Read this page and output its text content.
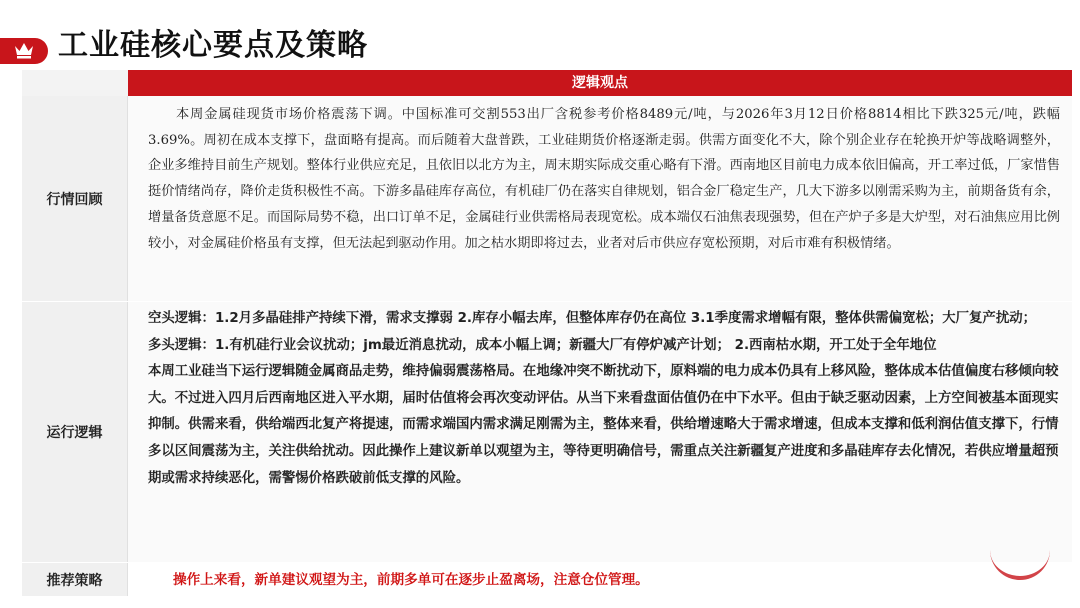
工业硅核心要点及策略
逻辑观点
行情回顾
本周金属硅现货市场价格震荡下调。中国标准可交割553出厂含税参考价格8489元/吨，与2026年3月12日价格8814相比下跌325元/吨，跌幅3.69%。周初在成本支撑下，盘面略有提高。而后随着大盘普跌，工业硅期货价格逐渐走弱。供需方面变化不大，除个别企业存在轮换开炉等战略调整外，企业多维持目前生产规划。整体行业供应充足，且依旧以北方为主，周末期实际成交重心略有下滑。西南地区目前电力成本依旧偏高，开工率过低，厂家惜售挺价情绪尚存，降价走货积极性不高。下游多晶硅库存高位，有机硅厂仍在落实自律规划，铝合金厂稳定生产，几大下游多以刚需采购为主，前期备货有余，增量备货意愿不足。而国际局势不稳，出口订单不足，金属硅行业供需格局表现宽松。成本端仅石油焦表现强势，但在产炉子多是大炉型，对石油焦应用比例较小，对金属硅价格虽有支撑，但无法起到驱动作用。加之枯水期即将过去，业者对后市供应存宽松预期，对后市难有积极情绪。
运行逻辑

空头逻辑：1.2月多晶硅排产持续下滑，需求支撑弱 2.库存小幅去库，但整体库存仍在高位 3.1季度需求增幅有限，整体供需偏宽松；大厂复产扰动；

多头逻辑：1.有机硅行业会议扰动；jm最近消息扰动，成本小幅上调；新疆大厂有停炉减产计划； 2.西南枯水期，开工处于全年地位

本周工业硅当下运行逻辑随金属商品走势，维持偏弱震荡格局。在地缘冲突不断扰动下，原料端的电力成本仍具有上移风险，整体成本估值偏度右移倾向较大。不过进入四月后西南地区进入平水期，届时估值将会再次变动评估。从当下来看盘面估值仍在中下水平。但由于缺乏驱动因素，上方空间被基本面现实抑制。供需来看，供给端西北复产将提速，而需求端国内需求满足刚需为主，整体来看，供给增速略大于需求增速，但成本支撑和低利润估值支撑下，行情多以区间震荡为主，关注供给扰动。因此操作上建议新单以观望为主，等待更明确信号，需重点关注新疆复产进度和多晶硅库存去化情况，若供应增量超预期或需求持续恶化，需警惕价格跌破前低支撑的风险。

推荐策略	操作上来看，新单建议观望为主，前期多单可在逐步止盈离场，注意仓位管理。
